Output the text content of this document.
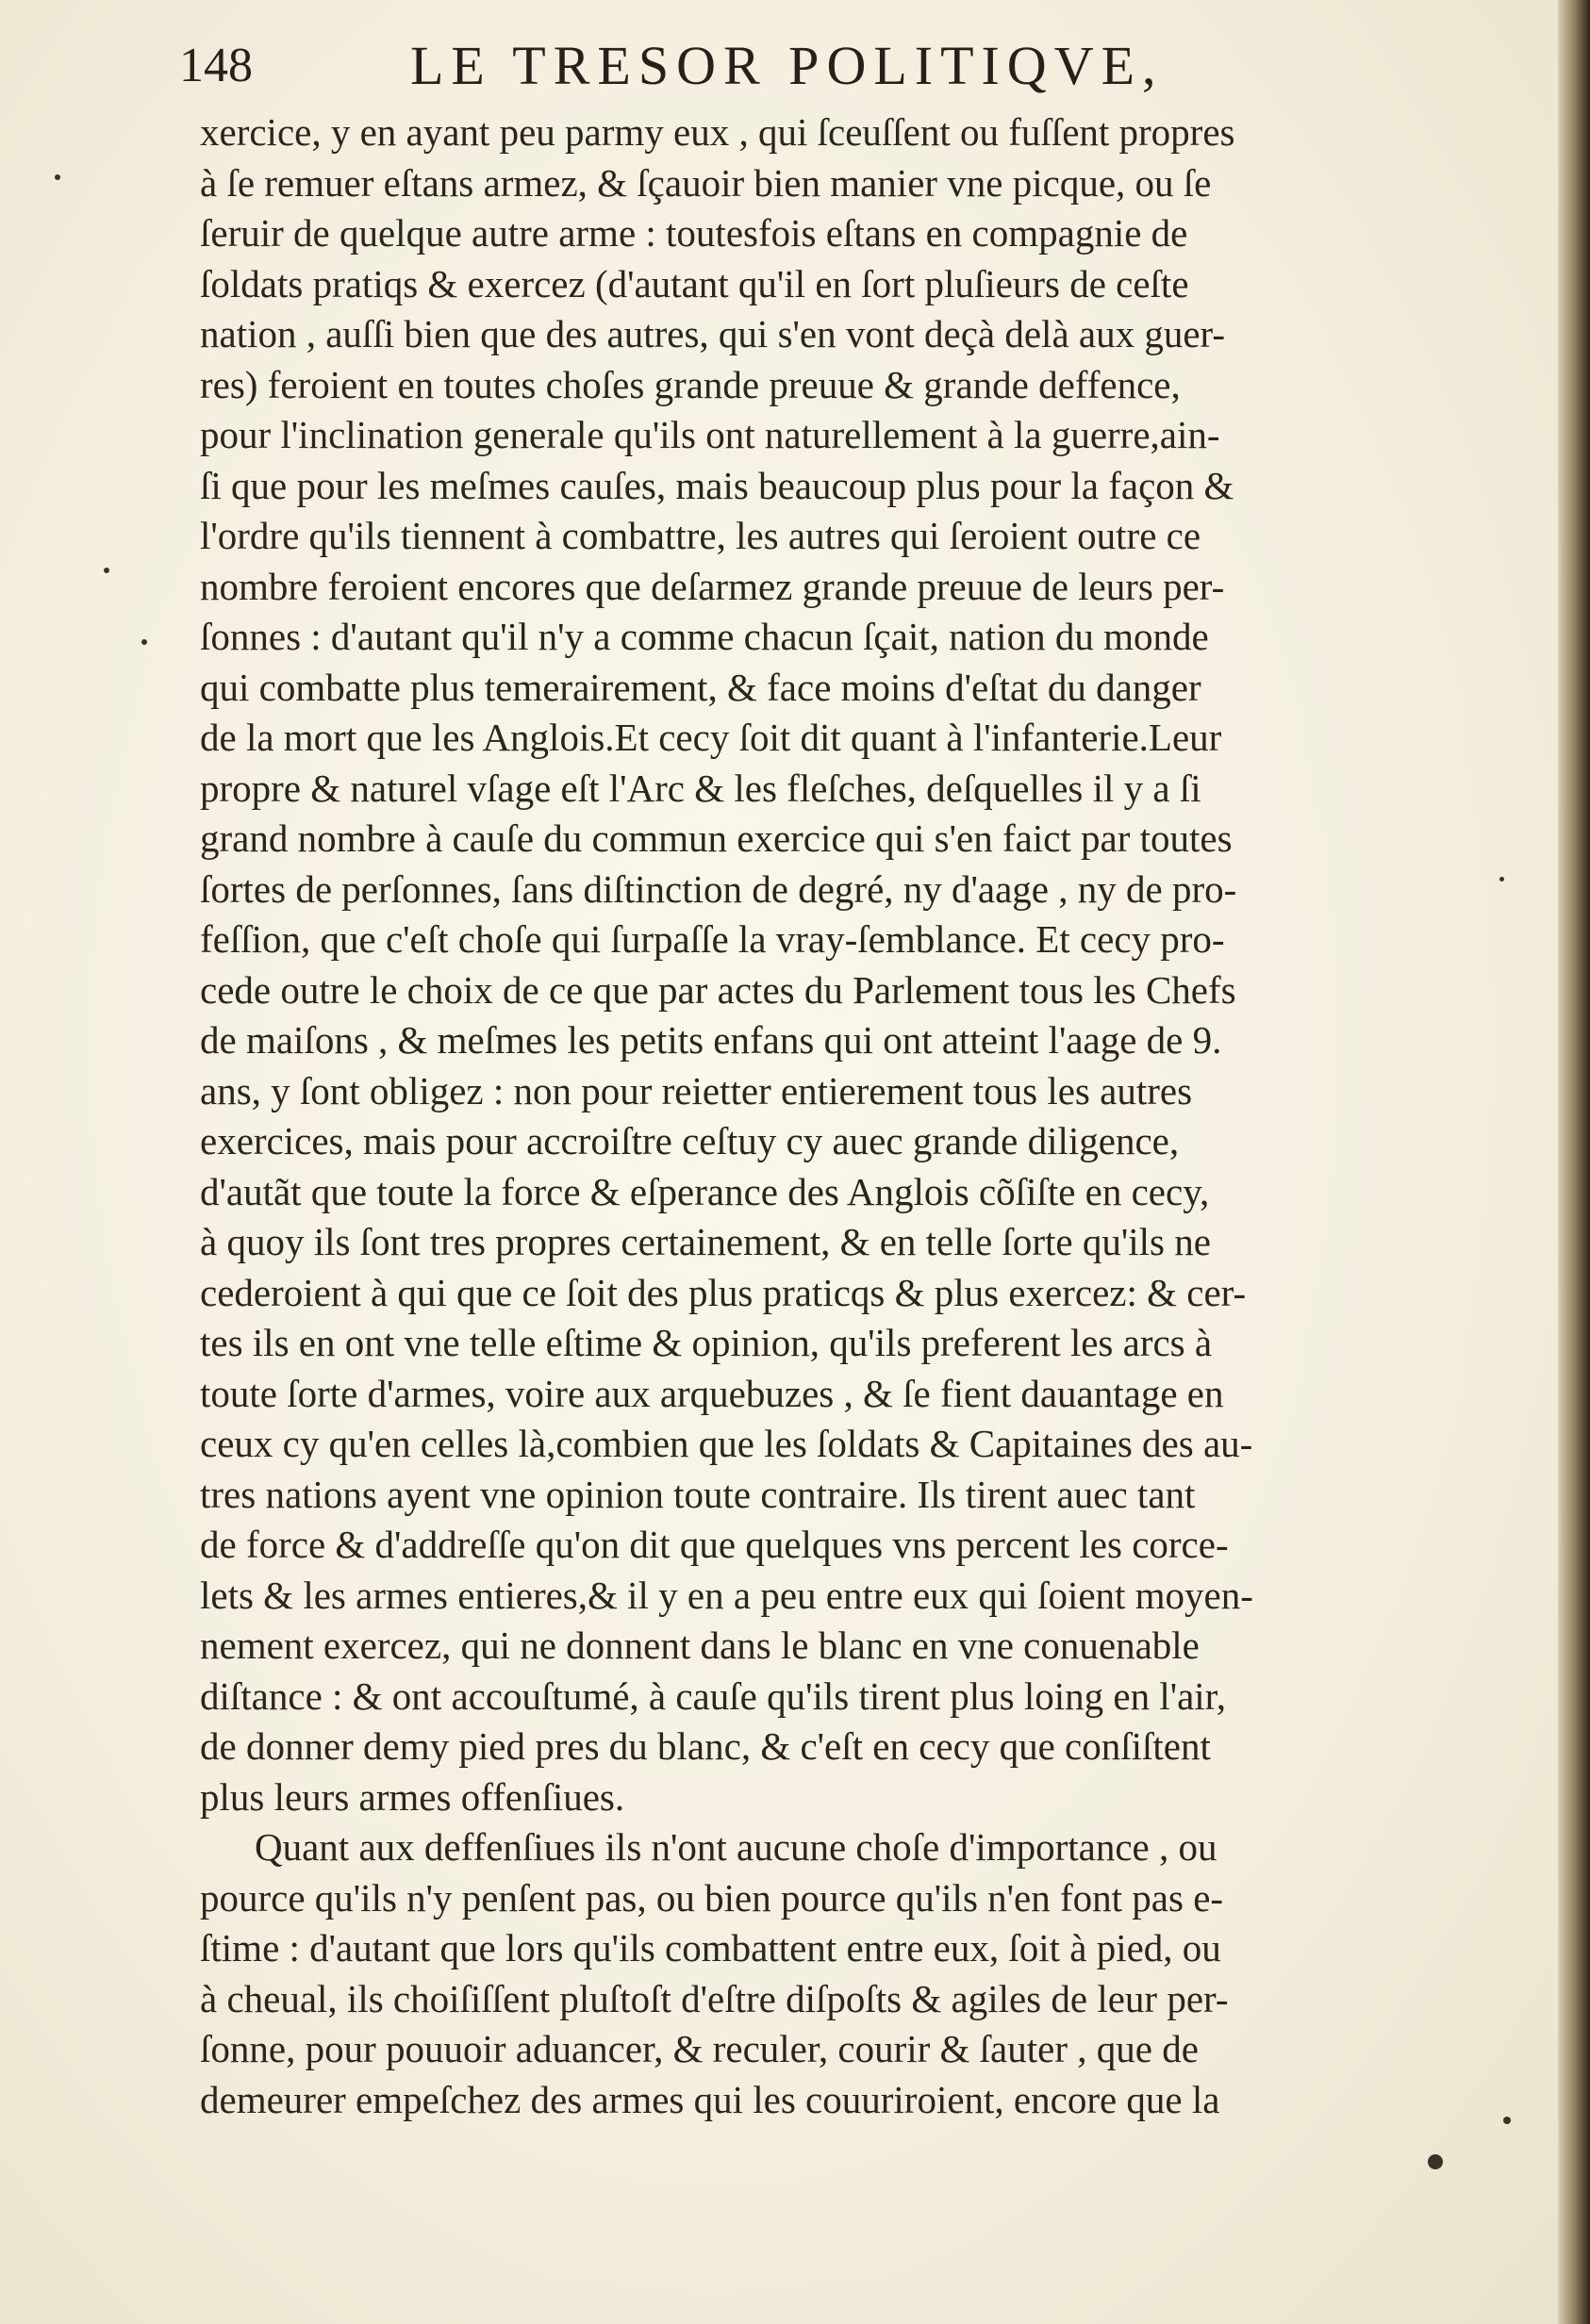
148	LE TRESOR POLITIQVE,
xercice, y en ayant peu parmy eux , qui ſceuſſent ou fuſſent propres
à ſe remuer eſtans armez, & ſçauoir bien manier vne picque, ou ſe
ſeruir de quelque autre arme : toutesfois eſtans en compagnie de
ſoldats pratiqs & exercez (d'autant qu'il en ſort pluſieurs de ceſte
nation , auſſi bien que des autres, qui s'en vont deçà delà aux guer-
res) feroient en toutes choſes grande preuue & grande deffence,
pour l'inclination generale qu'ils ont naturellement à la guerre,ain-
ſi que pour les meſmes cauſes, mais beaucoup plus pour la façon &
l'ordre qu'ils tiennent à combattre, les autres qui ſeroient outre ce
nombre feroient encores que deſarmez grande preuue de leurs per-
ſonnes : d'autant qu'il n'y a comme chacun ſçait, nation du monde
qui combatte plus temerairement, & face moins d'eſtat du danger
de la mort que les Anglois.Et cecy ſoit dit quant à l'infanterie.Leur
propre & naturel vſage eſt l'Arc & les fleſches, deſquelles il y a ſi
grand nombre à cauſe du commun exercice qui s'en faict par toutes
ſortes de perſonnes, ſans diſtinction de degré, ny d'aage , ny de pro-
feſſion, que c'eſt choſe qui ſurpaſſe la vray-ſemblance. Et cecy pro-
cede outre le choix de ce que par actes du Parlement tous les Chefs
de maiſons , & meſmes les petits enfans qui ont atteint l'aage de 9.
ans, y ſont obligez : non pour reietter entierement tous les autres
exercices, mais pour accroiſtre ceſtuy cy auec grande diligence,
d'autãt que toute la force & eſperance des Anglois cõſiſte en cecy,
à quoy ils ſont tres propres certainement, & en telle ſorte qu'ils ne
cederoient à qui que ce ſoit des plus praticqs & plus exercez: & cer-
tes ils en ont vne telle eſtime & opinion, qu'ils preferent les arcs à
toute ſorte d'armes, voire aux arquebuzes , & ſe fient dauantage en
ceux cy qu'en celles là,combien que les ſoldats & Capitaines des au-
tres nations ayent vne opinion toute contraire. Ils tirent auec tant
de force & d'addreſſe qu'on dit que quelques vns percent les corce-
lets & les armes entieres,& il y en a peu entre eux qui ſoient moyen-
nement exercez, qui ne donnent dans le blanc en vne conuenable
diſtance : & ont accouſtumé, à cauſe qu'ils tirent plus loing en l'air,
de donner demy pied pres du blanc, & c'eſt en cecy que conſiſtent
plus leurs armes offenſiues.
Quant aux deffenſiues ils n'ont aucune choſe d'importance , ou
pource qu'ils n'y penſent pas, ou bien pource qu'ils n'en font pas e-
ſtime : d'autant que lors qu'ils combattent entre eux, ſoit à pied, ou
à cheual, ils choiſiſſent pluſtoſt d'eſtre diſpoſts & agiles de leur per-
ſonne, pour pouuoir aduancer, & reculer, courir & ſauter , que de
demeurer empeſchez des armes qui les couuriroient, encore que la
